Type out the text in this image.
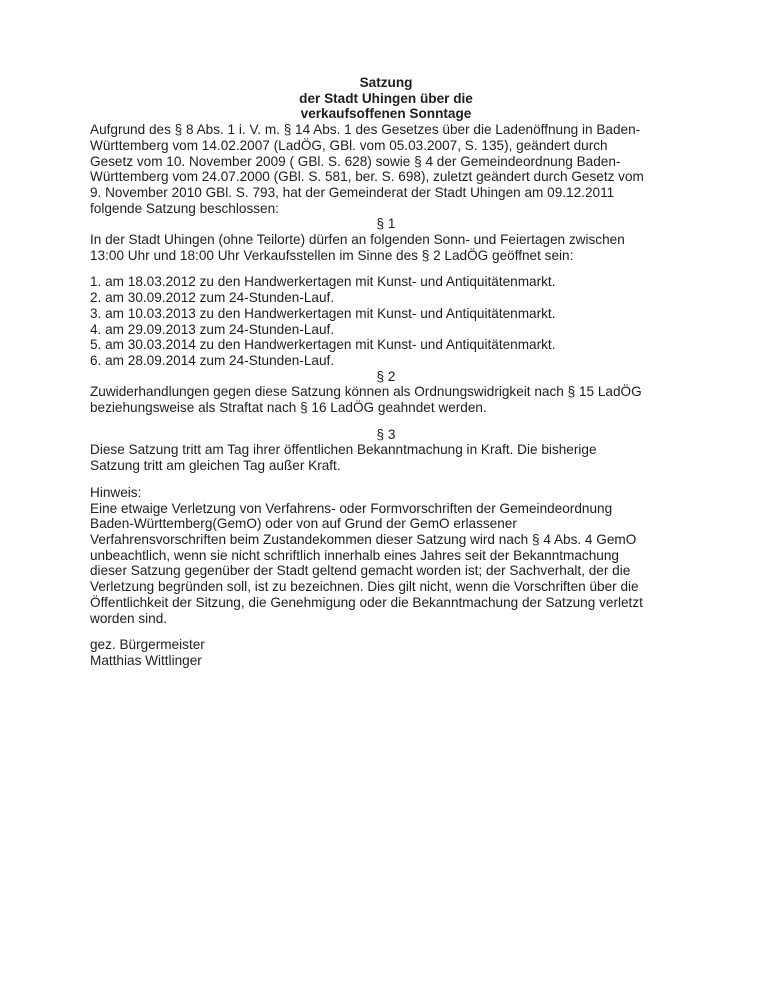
Satzung
der Stadt Uhingen über die
verkaufsoffenen Sonntage
Aufgrund des § 8 Abs. 1 i. V. m. § 14 Abs. 1 des Gesetzes über die Ladenöffnung in Baden-
Württemberg vom 14.02.2007 (LadÖG, GBl. vom 05.03.2007, S. 135), geändert durch
Gesetz vom 10. November 2009 ( GBl. S. 628) sowie § 4 der Gemeindeordnung Baden-
Württemberg vom 24.07.2000 (GBl. S. 581, ber. S. 698), zuletzt geändert durch Gesetz vom
9. November 2010 GBl. S. 793, hat der Gemeinderat der Stadt Uhingen am 09.12.2011
folgende Satzung beschlossen:
§ 1
In der Stadt Uhingen (ohne Teilorte) dürfen an folgenden Sonn- und Feiertagen zwischen
13:00 Uhr und 18:00 Uhr Verkaufsstellen im Sinne des § 2 LadÖG geöffnet sein:
1. am 18.03.2012 zu den Handwerkertagen mit Kunst- und Antiquitätenmarkt.
2. am 30.09.2012 zum 24-Stunden-Lauf.
3. am 10.03.2013 zu den Handwerkertagen mit Kunst- und Antiquitätenmarkt.
4. am 29.09.2013 zum 24-Stunden-Lauf.
5. am 30.03.2014 zu den Handwerkertagen mit Kunst- und Antiquitätenmarkt.
6. am 28.09.2014 zum 24-Stunden-Lauf.
§ 2
Zuwiderhandlungen gegen diese Satzung können als Ordnungswidrigkeit nach § 15 LadÖG
beziehungsweise als Straftat nach § 16 LadÖG geahndet werden.
§ 3
Diese Satzung tritt am Tag ihrer öffentlichen Bekanntmachung in Kraft. Die bisherige
Satzung tritt am gleichen Tag außer Kraft.
Hinweis:
Eine etwaige Verletzung von Verfahrens- oder Formvorschriften der Gemeindeordnung
Baden-Württemberg(GemO) oder von auf Grund der GemO erlassener
Verfahrensvorschriften beim Zustandekommen dieser Satzung wird nach § 4 Abs. 4 GemO
unbeachtlich, wenn sie nicht schriftlich innerhalb eines Jahres seit der Bekanntmachung
dieser Satzung gegenüber der Stadt geltend gemacht worden ist; der Sachverhalt, der die
Verletzung begründen soll, ist zu bezeichnen. Dies gilt nicht, wenn die Vorschriften über die
Öffentlichkeit der Sitzung, die Genehmigung oder die Bekanntmachung der Satzung verletzt
worden sind.
gez. Bürgermeister
Matthias Wittlinger
